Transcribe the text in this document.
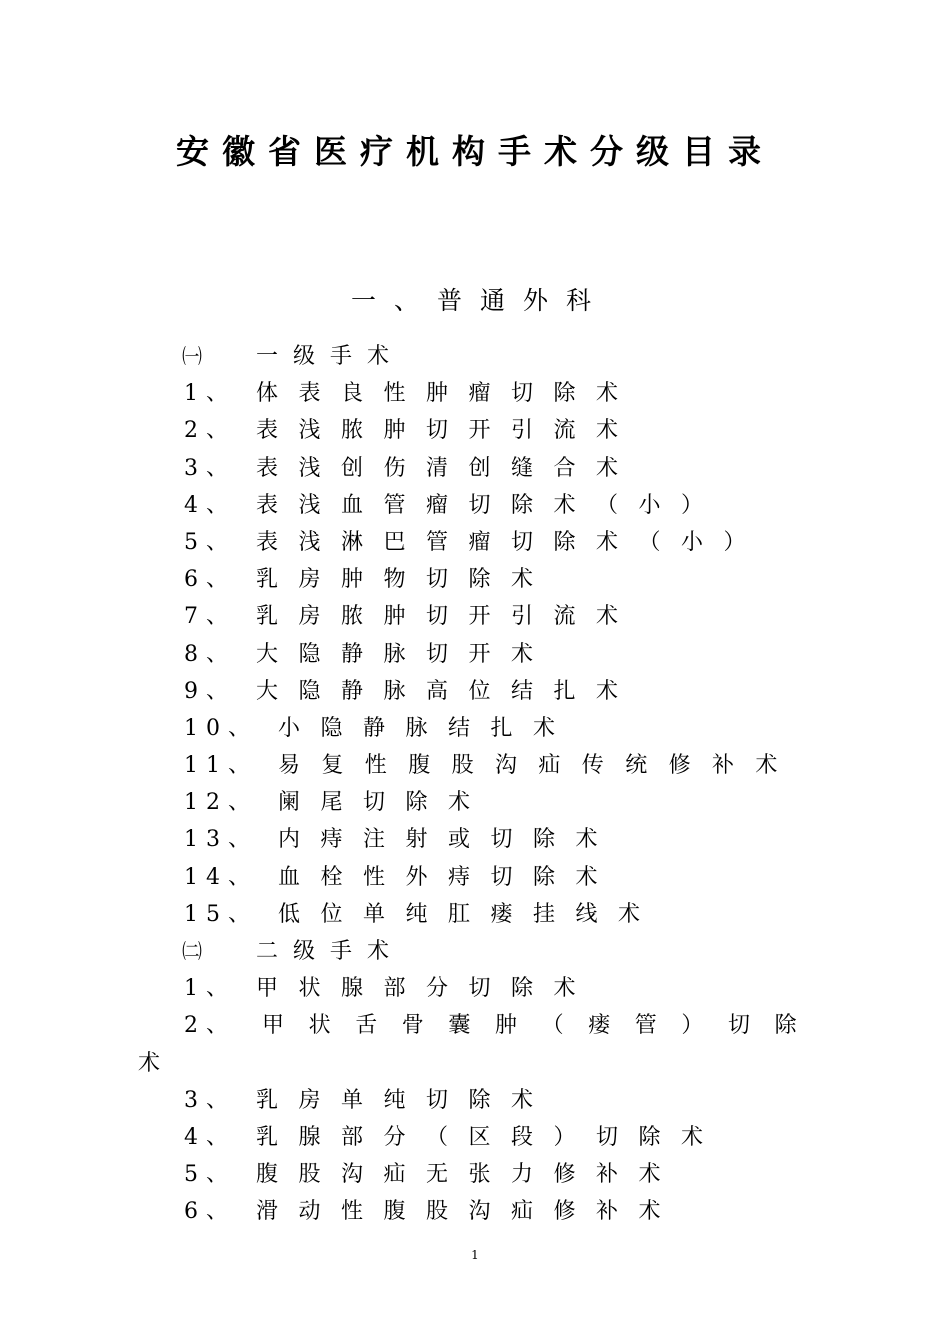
安徽省医疗机构手术分级目录
一、普通外科
㈠ 一级手术
1、 体表良性肿瘤切除术
2、 表浅脓肿切开引流术
3、 表浅创伤清创缝合术
4、 表浅血管瘤切除术（小）
5、 表浅淋巴管瘤切除术（小）
6、 乳房肿物切除术
7、 乳房脓肿切开引流术
8、 大隐静脉切开术
9、 大隐静脉高位结扎术
10、 小隐静脉结扎术
11、 易复性腹股沟疝传统修补术
12、 阑尾切除术
13、 内痔注射或切除术
14、 血栓性外痔切除术
15、 低位单纯肛瘘挂线术
㈡ 二级手术
1、 甲状腺部分切除术
2、 甲状舌骨囊肿（瘘管）切除
术
3、 乳房单纯切除术
4、 乳腺部分（区段）切除术
5、 腹股沟疝无张力修补术
6、 滑动性腹股沟疝修补术
1
